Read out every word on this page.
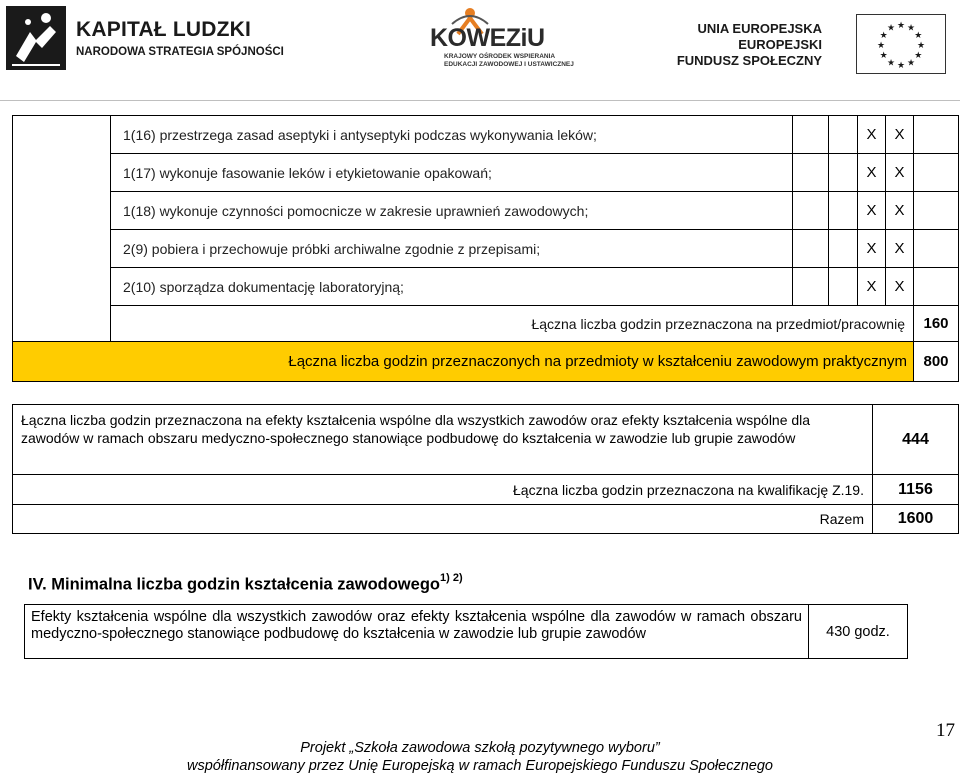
KAPITAŁ LUDZKI
NARODOWA STRATEGIA SPÓJNOŚCI	KOWEZiU
KRAJOWY OŚRODEK WSPIERANIA
EDUKACJI ZAWODOWEJ I USTAWICZNEJ
UNIA EUROPEJSKA
EUROPEJSKI
FUNDUSZ SPOŁECZNY
★ ★
★
★
★
★
★
★
★
★
★
★
	1(16) przestrzega zasad aseptyki i antyseptyki podczas wykonywania leków;			X	X	
	1(17) wykonuje fasowanie leków i etykietowanie opakowań;			X	X	
	1(18) wykonuje czynności pomocnicze w zakresie uprawnień zawodowych;			X	X	
	2(9) pobiera i przechowuje próbki archiwalne zgodnie z przepisami;			X	X	
	2(10) sporządza dokumentację laboratoryjną;			X	X	
	Łączna liczba godzin przeznaczona na przedmiot/pracownię					160
Łączna liczba godzin przeznaczonych na przedmioty w kształceniu zawodowym praktycznym						800
Łączna liczba godzin przeznaczona na efekty kształcenia wspólne dla wszystkich zawodów oraz efekty kształcenia wspólne dla zawodów w ramach obszaru medyczno-społecznego stanowiące podbudowę do kształcenia w zawodzie lub grupie zawodów	444
Łączna liczba godzin przeznaczona na kwalifikację Z.19.	1156
Razem	1600
IV. Minimalna liczba godzin kształcenia zawodowego$^{1) 2)}$
Efekty kształcenia wspólne dla wszystkich zawodów oraz efekty kształcenia wspólne dla zawodów w ramach obszaru medyczno-społecznego stanowiące podbudowę do kształcenia w zawodzie lub grupie zawodów	430 godz.
17
Projekt „Szkoła zawodowa szkołą pozytywnego wyboru”
współfinansowany przez Unię Europejską w ramach Europejskiego Funduszu Społecznego
